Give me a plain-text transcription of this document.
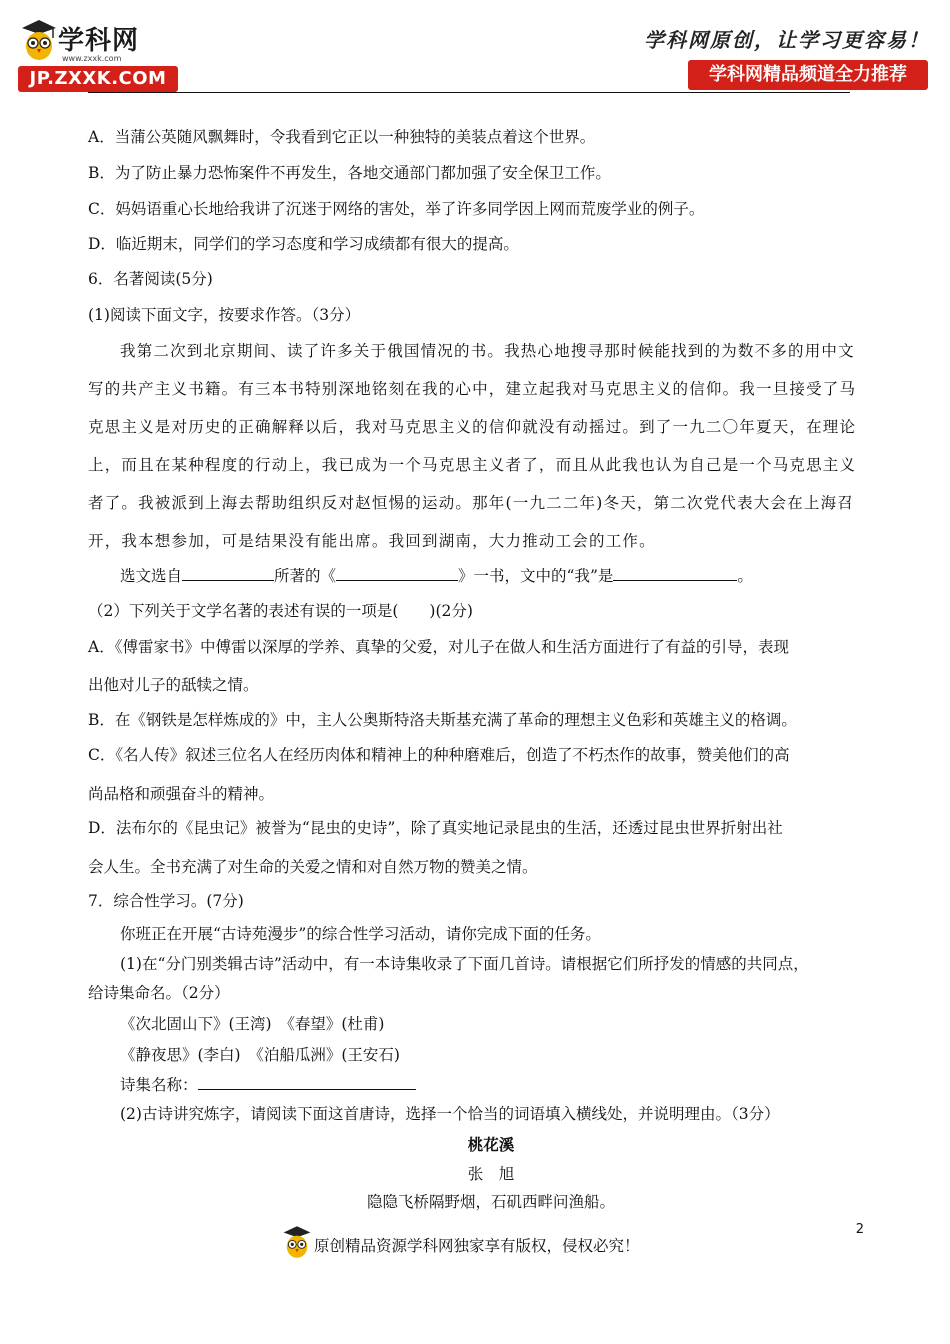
学科网
www.zxxk.com
JP.ZXXK.COM
学科网原创，让学习更容易！
学科网精品频道全力推荐
A．当蒲公英随风飘舞时，令我看到它正以一种独特的美装点着这个世界。
B．为了防止暴力恐怖案件不再发生，各地交通部门都加强了安全保卫工作。
C．妈妈语重心长地给我讲了沉迷于网络的害处，举了许多同学因上网而荒废学业的例子。
D．临近期末，同学们的学习态度和学习成绩都有很大的提高。
6．名著阅读(5分)
(1)阅读下面文字，按要求作答。（3分）
我第二次到北京期间、读了许多关于俄国情况的书。我热心地搜寻那时候能找到的为数不多的用中文
写的共产主义书籍。有三本书特别深地铭刻在我的心中，建立起我对马克思主义的信仰。我一旦接受了马
克思主义是对历史的正确解释以后，我对马克思主义的信仰就没有动摇过。到了一九二〇年夏天，在理论
上，而且在某种程度的行动上，我已成为一个马克思主义者了，而且从此我也认为自己是一个马克思主义
者了。我被派到上海去帮助组织反对赵恒惕的运动。那年(一九二二年)冬天，第二次党代表大会在上海召
开，我本想参加，可是结果没有能出席。我回到湖南，大力推动工会的工作。
选文选自	所著的《	》一书，文中的“我”是	。
（2）下列关于文学名著的表述有误的一项是(　　)(2分)
A．《傅雷家书》中傅雷以深厚的学养、真挚的父爱，对儿子在做人和生活方面进行了有益的引导，表现
出他对儿子的舐犊之情。
B．在《钢铁是怎样炼成的》中，主人公奥斯特洛夫斯基充满了革命的理想主义色彩和英雄主义的格调。
C．《名人传》叙述三位名人在经历肉体和精神上的种种磨难后，创造了不朽杰作的故事，赞美他们的高
尚品格和顽强奋斗的精神。
D．法布尔的《昆虫记》被誉为“昆虫的史诗”，除了真实地记录昆虫的生活，还透过昆虫世界折射出社
会人生。全书充满了对生命的关爱之情和对自然万物的赞美之情。
7．综合性学习。(7分)
你班正在开展“古诗苑漫步”的综合性学习活动，请你完成下面的任务。
(1)在“分门别类辑古诗”活动中，有一本诗集收录了下面几首诗。请根据它们所抒发的情感的共同点，
给诗集命名。（2分）
《次北固山下》(王湾)　《春望》(杜甫)
《静夜思》(李白)　《泊船瓜洲》(王安石)
诗集名称：
(2)古诗讲究炼字，请阅读下面这首唐诗，选择一个恰当的词语填入横线处，并说明理由。（3分）
桃花溪
张　旭
隐隐飞桥隔野烟，石矶西畔问渔船。
原创精品资源学科网独家享有版权，侵权必究！
2
